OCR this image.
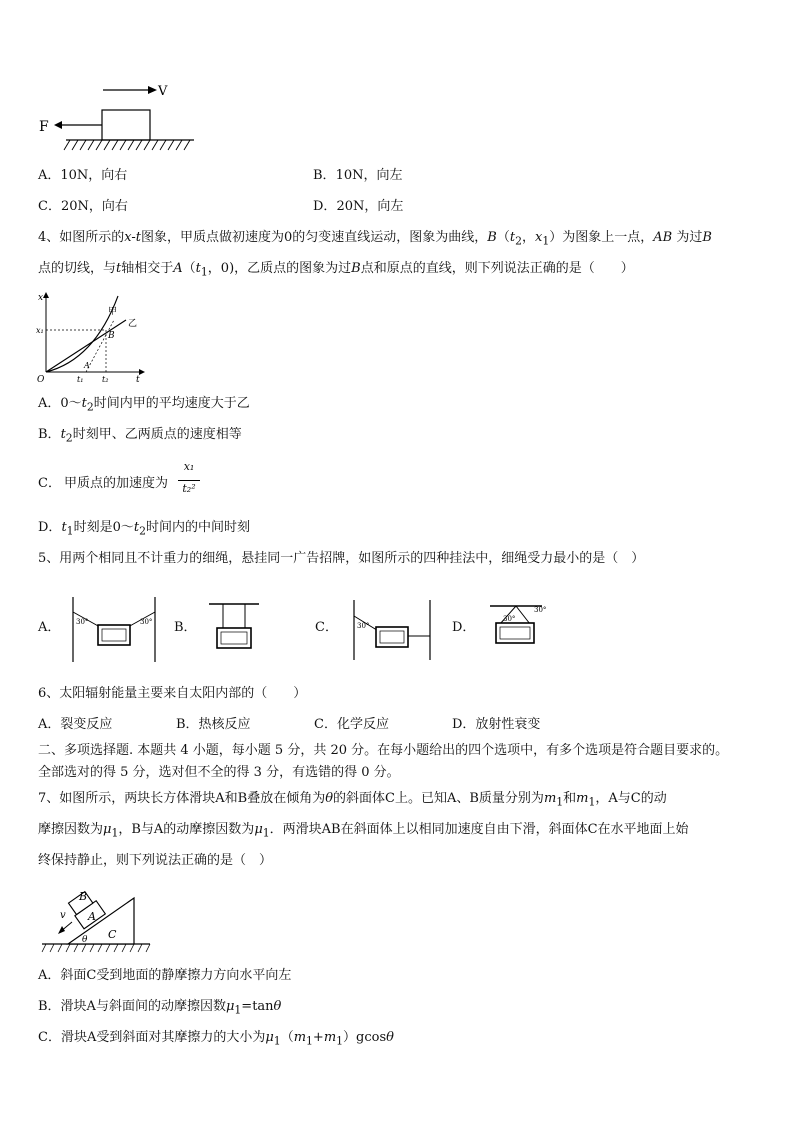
V
F
A．10N，向右	B．10N，向左
C．20N，向右	D．20N，向左
4、如图所示的x-t图象，甲质点做初速度为0的匀变速直线运动，图象为曲线，$B(t_2$，$x_1$）为图象上一点，AB 为过B
点的切线，与t轴相交于$A(t_1$，0)，乙质点的图象为过B点和原点的直线，则下列说法正确的是（　　）
x
t
O
x₁
甲
乙
B
A
t₁ t₂
A．$0\sim t_2$时间内甲的平均速度大于乙
B．$t_2$时刻甲、乙两质点的速度相等
C． 甲质点的加速度为
x₁
t₂²
D．$t_1$时刻是$0\sim t_2$时间内的中间时刻
5、用两个相同且不计重力的细绳，悬挂同一广告招牌，如图所示的四种挂法中，细绳受力最小的是（　）
A． 30°	30° B．	C．	30°	D．
30°
30°
6、太阳辐射能量主要来自太阳内部的（　　）
A．裂变反应	B．热核反应	C．化学反应	D．放射性衰变
二、多项选择题. 本题共 4 小题，每小题 5 分，共 20 分。在每小题给出的四个选项中，有多个选项是符合题目要求的。
全部选对的得 5 分，选对但不全的得 3 分，有选错的得 0 分。
7、如图所示，两块长方体滑块A和B叠放在倾角为θ的斜面体C上。已知A、B质量分别为$m_1$和$m_1$，A与C的动
摩擦因数为$\mu_1$，B与A的动摩擦因数为$\mu_1$．两滑块AB在斜面体上以相同加速度自由下滑，斜面体C在水平地面上始
终保持静止，则下列说法正确的是（　）
A
B
C
θ
v
A．斜面C受到地面的静摩擦力方向水平向左
B．滑块A与斜面间的动摩擦因数$\mu_1=\tan\theta$
C．滑块A受到斜面对其摩擦力的大小为$\mu_1(m_1+m_1)gcos\theta$
